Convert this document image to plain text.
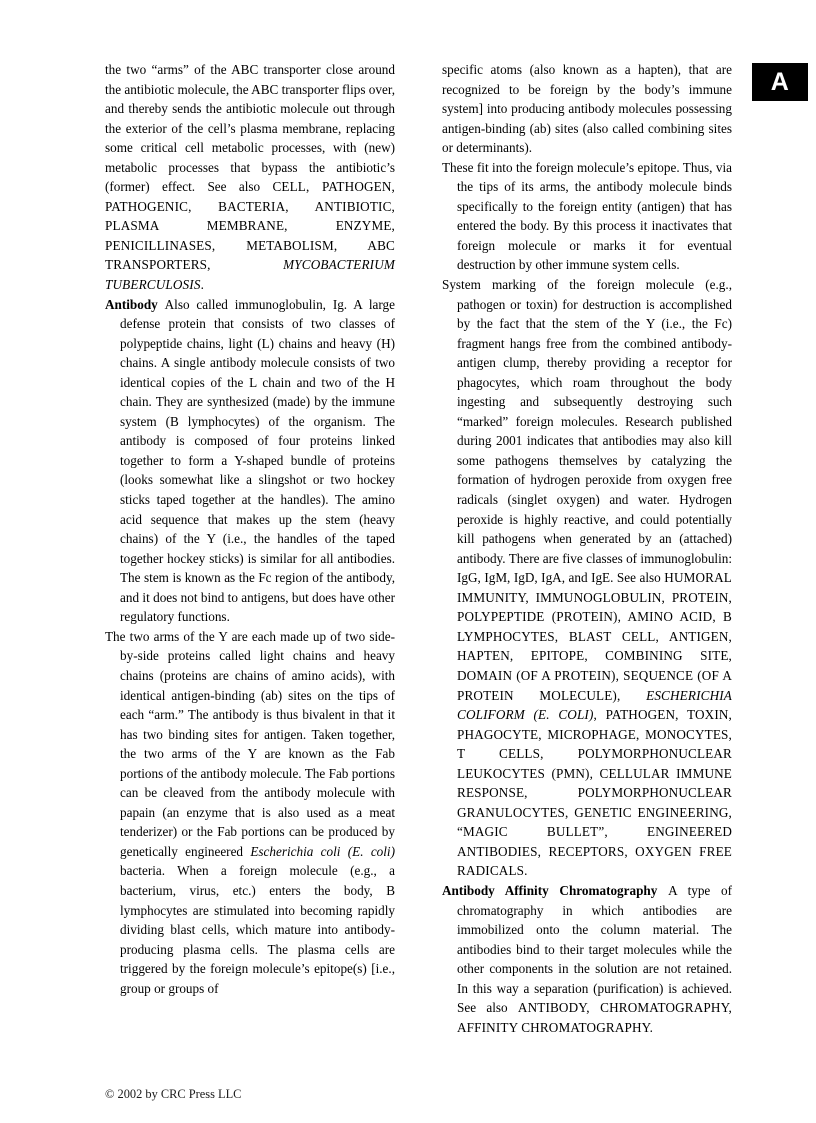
A

the two “arms” of the ABC transporter close around the antibiotic molecule, the ABC transporter flips over, and thereby sends the antibiotic molecule out through the exterior of the cell’s plasma membrane, replacing some critical cell metabolic processes, with (new) metabolic processes that bypass the antibiotic’s (former) effect. See also CELL, PATHOGEN, PATHOGENIC, BACTERIA, ANTIBIOTIC, PLASMA MEMBRANE, ENZYME, PENICILLINASES, METABOLISM, ABC TRANSPORTERS, MYCOBACTERIUM TUBERCULOSIS.

Antibody Also called immunoglobulin, Ig. A large defense protein that consists of two classes of polypeptide chains, light (L) chains and heavy (H) chains. A single antibody molecule consists of two identical copies of the L chain and two of the H chain. They are synthesized (made) by the immune system (B lymphocytes) of the organism. The antibody is composed of four proteins linked together to form a Y-shaped bundle of proteins (looks somewhat like a slingshot or two hockey sticks taped together at the handles). The amino acid sequence that makes up the stem (heavy chains) of the Y (i.e., the handles of the taped together hockey sticks) is similar for all antibodies. The stem is known as the Fc region of the antibody, and it does not bind to antigens, but does have other regulatory functions.

The two arms of the Y are each made up of two side-by-side proteins called light chains and heavy chains (proteins are chains of amino acids), with identical antigen-binding (ab) sites on the tips of each “arm.” The antibody is thus bivalent in that it has two binding sites for antigen. Taken together, the two arms of the Y are known as the Fab portions of the antibody molecule. The Fab portions can be cleaved from the antibody molecule with papain (an enzyme that is also used as a meat tenderizer) or the Fab portions can be produced by genetically engineered Escherichia coli (E. coli) bacteria. When a foreign molecule (e.g., a bacterium, virus, etc.) enters the body, B lymphocytes are stimulated into becoming rapidly dividing blast cells, which mature into antibody-producing plasma cells. The plasma cells are triggered by the foreign molecule’s epitope(s) [i.e., group or groups of

specific atoms (also known as a hapten), that are recognized to be foreign by the body’s immune system] into producing antibody molecules possessing antigen-binding (ab) sites (also called combining sites or determinants).

These fit into the foreign molecule’s epitope. Thus, via the tips of its arms, the antibody molecule binds specifically to the foreign entity (antigen) that has entered the body. By this process it inactivates that foreign molecule or marks it for eventual destruction by other immune system cells.

System marking of the foreign molecule (e.g., pathogen or toxin) for destruction is accomplished by the fact that the stem of the Y (i.e., the Fc) fragment hangs free from the combined antibody-antigen clump, thereby providing a receptor for phagocytes, which roam throughout the body ingesting and subsequently destroying such “marked” foreign molecules. Research published during 2001 indicates that antibodies may also kill some pathogens themselves by catalyzing the formation of hydrogen peroxide from oxygen free radicals (singlet oxygen) and water. Hydrogen peroxide is highly reactive, and could potentially kill pathogens when generated by an (attached) antibody. There are five classes of immunoglobulin: IgG, IgM, IgD, IgA, and IgE. See also HUMORAL IMMUNITY, IMMUNOGLOBULIN, PROTEIN, POLYPEPTIDE (PROTEIN), AMINO ACID, B LYMPHOCYTES, BLAST CELL, ANTIGEN, HAPTEN, EPITOPE, COMBINING SITE, DOMAIN (OF A PROTEIN), SEQUENCE (OF A PROTEIN MOLECULE), ESCHERICHIA COLIFORM (E. COLI), PATHOGEN, TOXIN, PHAGOCYTE, MICROPHAGE, MONOCYTES, T CELLS, POLYMORPHONUCLEAR LEUKOCYTES (PMN), CELLULAR IMMUNE RESPONSE, POLYMORPHONUCLEAR GRANULOCYTES, GENETIC ENGINEERING, “MAGIC BULLET”, ENGINEERED ANTIBODIES, RECEPTORS, OXYGEN FREE RADICALS.

Antibody Affinity Chromatography A type of chromatography in which antibodies are immobilized onto the column material. The antibodies bind to their target molecules while the other components in the solution are not retained. In this way a separation (purification) is achieved. See also ANTIBODY, CHROMATOGRAPHY, AFFINITY CHROMATOGRAPHY.

© 2002 by CRC Press LLC
